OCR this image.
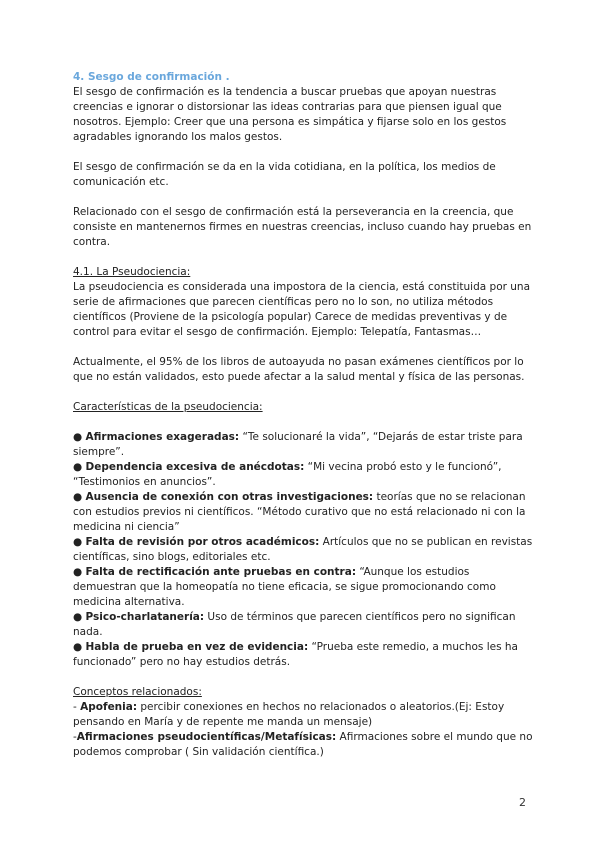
4. Sesgo de confirmación .

El sesgo de confirmación es la tendencia a buscar pruebas que apoyan nuestras creencias e ignorar o distorsionar las ideas contrarias para que piensen igual que nosotros. Ejemplo: Creer que una persona es simpática y fijarse solo en los gestos agradables ignorando los malos gestos.

El sesgo de confirmación se da en la vida cotidiana, en la política, los medios de comunicación etc.

Relacionado con el sesgo de confirmación está la perseverancia en la creencia, que consiste en mantenernos firmes en nuestras creencias, incluso cuando hay pruebas en contra.

4.1. La Pseudociencia:

La pseudociencia es considerada una impostora de la ciencia, está constituida por una serie de afirmaciones que parecen científicas pero no lo son, no utiliza métodos científicos (Proviene de la psicología popular) Carece de medidas preventivas y de control para evitar el sesgo de confirmación. Ejemplo: Telepatía, Fantasmas…

Actualmente, el 95% de los libros de autoayuda no pasan exámenes científicos por lo que no están validados, esto puede afectar a la salud mental y física de las personas.

Características de la pseudociencia:

● Afirmaciones exageradas: “Te solucionaré la vida”, “Dejarás de estar triste para siempre”.

● Dependencia excesiva de anécdotas: “Mi vecina probó esto y le funcionó”, “Testimonios en anuncios”.

● Ausencia de conexión con otras investigaciones: teorías que no se relacionan con estudios previos ni científicos. “Método curativo que no está relacionado ni con la medicina ni ciencia”

● Falta de revisión por otros académicos: Artículos que no se publican en revistas científicas, sino blogs, editoriales etc.

● Falta de rectificación ante pruebas en contra: “Aunque los estudios demuestran que la homeopatía no tiene eficacia, se sigue promocionando como medicina alternativa.

● Psico-charlatanería: Uso de términos que parecen científicos pero no significan nada.

● Habla de prueba en vez de evidencia: “Prueba este remedio, a muchos les ha funcionado” pero no hay estudios detrás.

Conceptos relacionados:

- Apofenia: percibir conexiones en hechos no relacionados o aleatorios.(Ej: Estoy pensando en María y de repente me manda un mensaje)

-Afirmaciones pseudocientíficas/Metafísicas: Afirmaciones sobre el mundo que no podemos comprobar ( Sin validación científica.)

2
